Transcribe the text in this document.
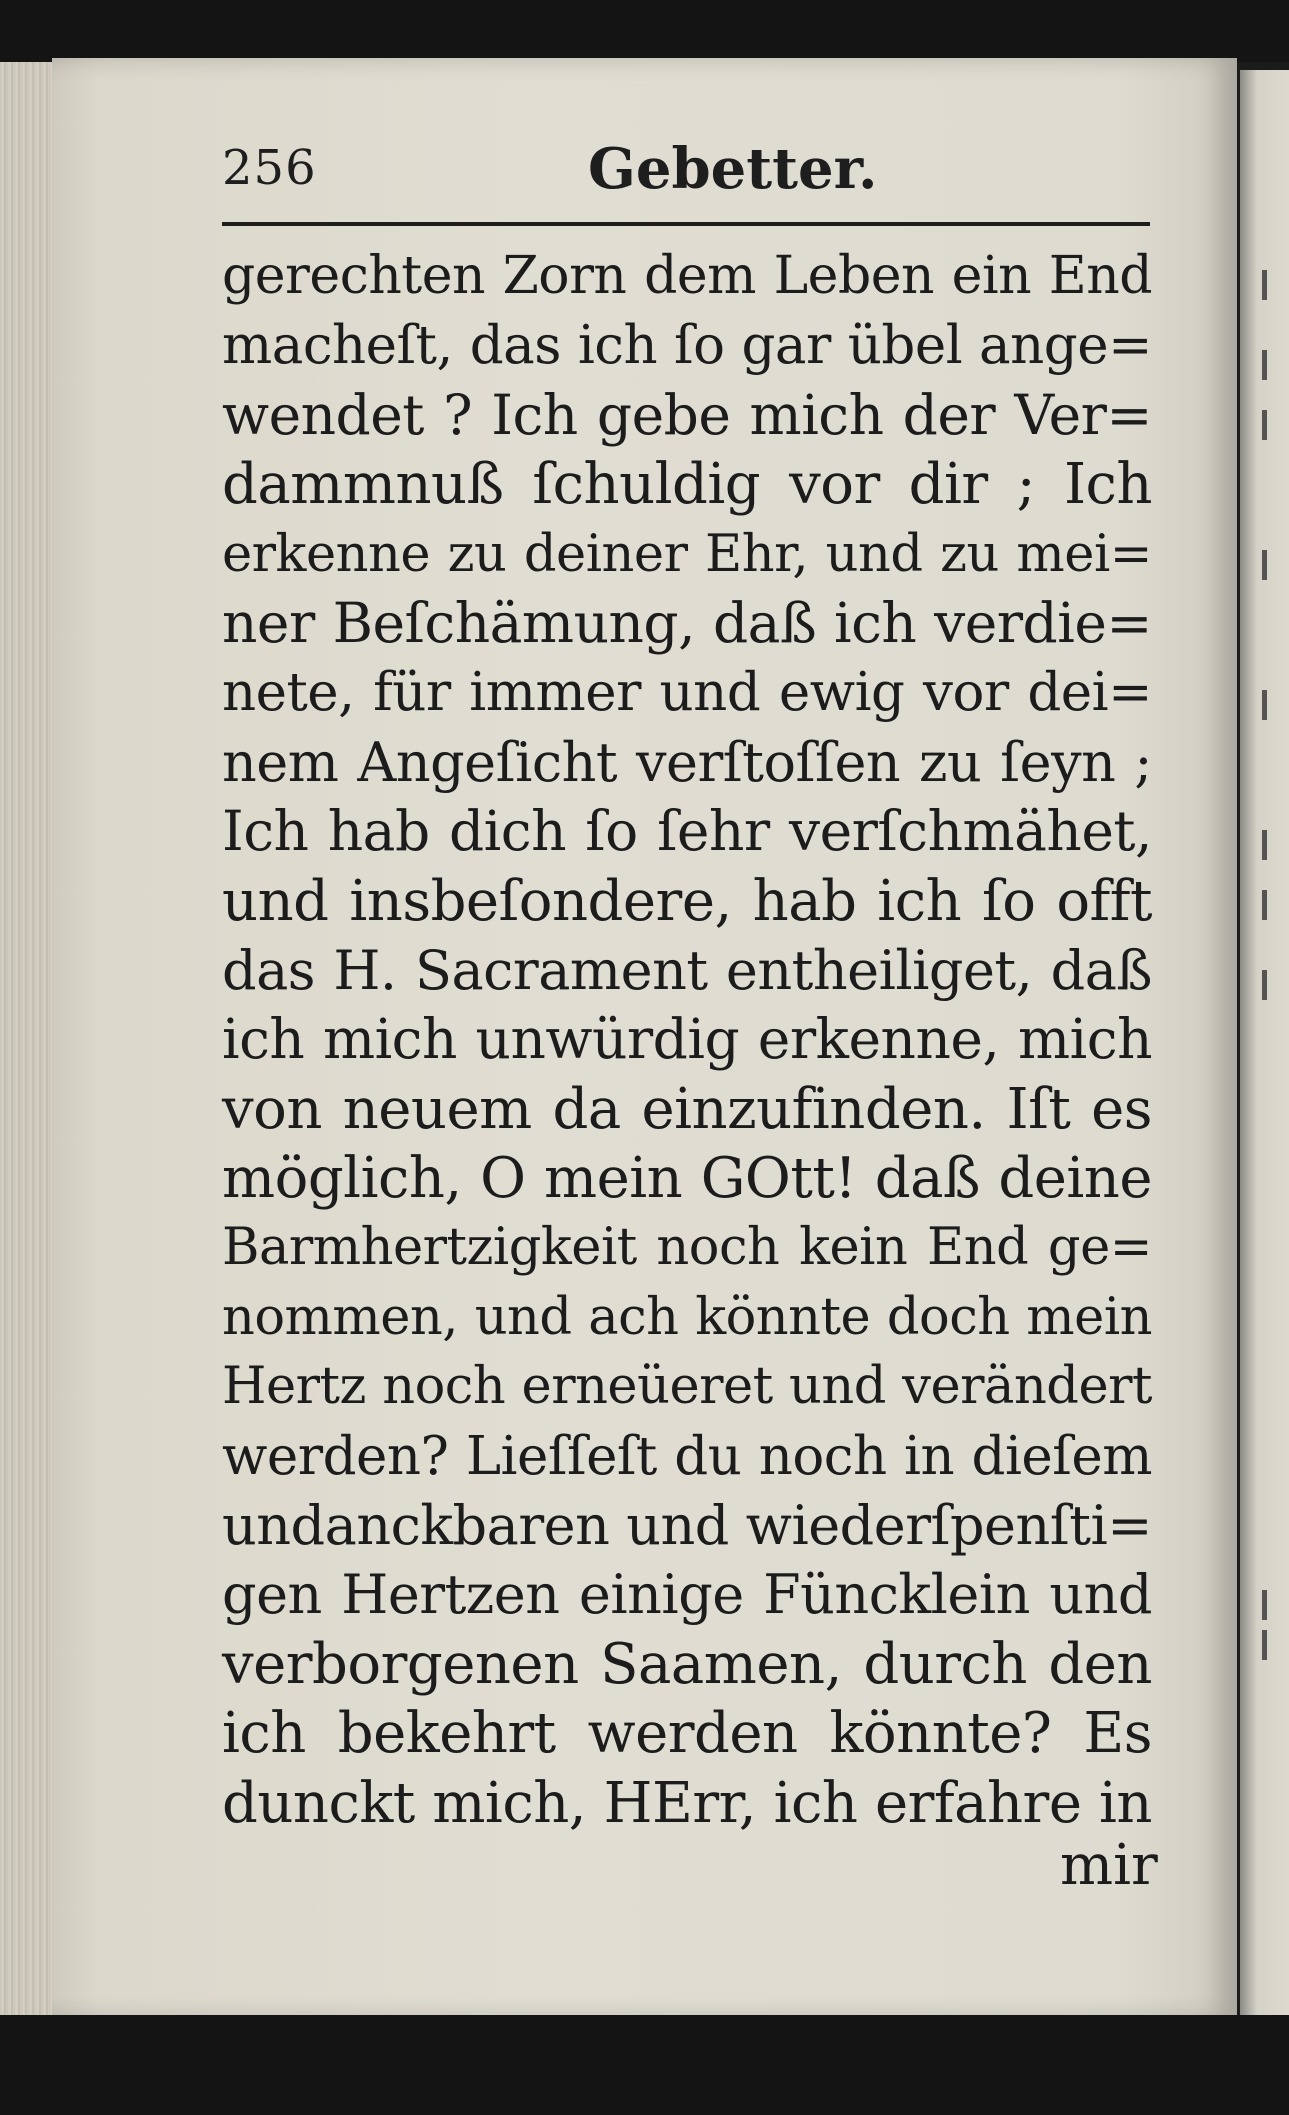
256	Gebetter.
gerechten Zorn dem Leben ein End
macheſt, das ich ſo gar übel ange=
wendet ? Ich gebe mich der Ver=
dammnuß ſchuldig vor dir ; Ich
erkenne zu deiner Ehr, und zu mei=
ner Beſchämung, daß ich verdie=
nete, für immer und ewig vor dei=
nem Angeſicht verſtoſſen zu ſeyn ;
Ich hab dich ſo ſehr verſchmähet,
und insbeſondere, hab ich ſo offt
das H. Sacrament entheiliget, daß
ich mich unwürdig erkenne, mich
von neuem da einzufinden. Iſt es
möglich, O mein GOtt! daß deine
Barmhertzigkeit noch kein End ge=
nommen, und ach könnte doch mein
Hertz noch erneüeret und verändert
werden? Lieſſeſt du noch in dieſem
undanckbaren und wiederſpenſti=
gen Hertzen einige Füncklein und
verborgenen Saamen, durch den
ich bekehrt werden könnte? Es
dunckt mich, HErr, ich erfahre in
mir
